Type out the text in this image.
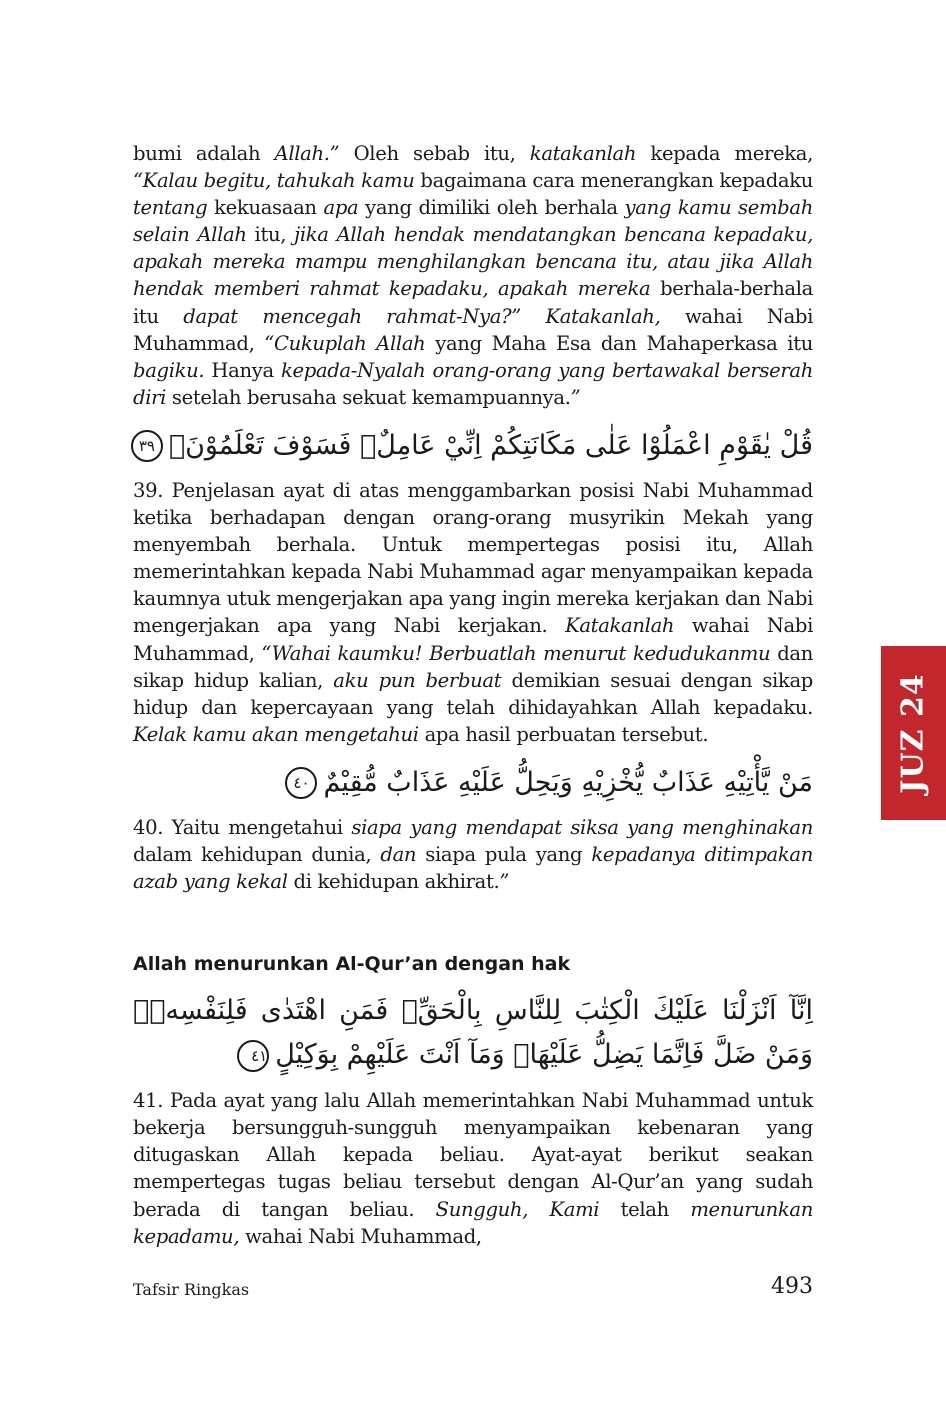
bumi adalah Allah.” Oleh sebab itu, katakanlah kepada mereka, “Kalau begitu, tahukah kamu bagaimana cara menerangkan kepadaku tentang kekuasaan apa yang dimiliki oleh berhala yang kamu sembah selain Allah itu, jika Allah hendak mendatangkan bencana kepadaku, apakah mereka mampu menghilangkan bencana itu, atau jika Allah hendak memberi rahmat kepadaku, apakah mereka berhala-berhala itu dapat mencegah rahmat-Nya?” Katakanlah, wahai Nabi Muhammad, “Cukuplah Allah yang Maha Esa dan Mahaperkasa itu bagiku. Hanya kepada-Nyalah orang-orang yang bertawakal berserah diri setelah berusaha sekuat kemampuannya.”

قُلْ يٰقَوْمِ اعْمَلُوْا عَلٰى مَكَانَتِكُمْ اِنِّيْ عَامِلٌۚ فَسَوْفَ تَعْلَمُوْنَۙ٣٩

39. Penjelasan ayat di atas menggambarkan posisi Nabi Muhammad ketika berhadapan dengan orang-orang musyrikin Mekah yang menyembah berhala. Untuk mempertegas posisi itu, Allah memerintahkan kepada Nabi Muhammad agar menyampaikan kepada kaumnya utuk mengerjakan apa yang ingin mereka kerjakan dan Nabi mengerjakan apa yang Nabi kerjakan. Katakanlah wahai Nabi Muhammad, “Wahai kaumku! Berbuatlah menurut kedudukanmu dan sikap hidup kalian, aku pun berbuat demikian sesuai dengan sikap hidup dan kepercayaan yang telah dihidayahkan Allah kepadaku. Kelak kamu akan mengetahui apa hasil perbuatan tersebut.

مَنْ يَّأْتِيْهِ عَذَابٌ يُّخْزِيْهِ وَيَحِلُّ عَلَيْهِ عَذَابٌ مُّقِيْمٌ٤٠

40. Yaitu mengetahui siapa yang mendapat siksa yang menghinakan dalam kehidupan dunia, dan siapa pula yang kepadanya ditimpakan azab yang kekal di kehidupan akhirat.”

Allah menurunkan Al-Qur’an dengan hak
اِنَّآ اَنْزَلْنَا عَلَيْكَ الْكِتٰبَ لِلنَّاسِ بِالْحَقِّۚ فَمَنِ اهْتَدٰى فَلِنَفْسِهٖۚ وَمَنْ ضَلَّ فَاِنَّمَا يَضِلُّ عَلَيْهَاۚ وَمَآ اَنْتَ عَلَيْهِمْ بِوَكِيْلٍ٤١

41. Pada ayat yang lalu Allah memerintahkan Nabi Muhammad untuk bekerja bersungguh-sungguh menyampaikan kebenaran yang ditugaskan Allah kepada beliau. Ayat-ayat berikut seakan mempertegas tugas beliau tersebut dengan Al-Qur’an yang sudah berada di tangan beliau. Sungguh, Kami telah menurunkan kepadamu, wahai Nabi Muhammad,

JUZ 24
Tafsir Ringkas	493
